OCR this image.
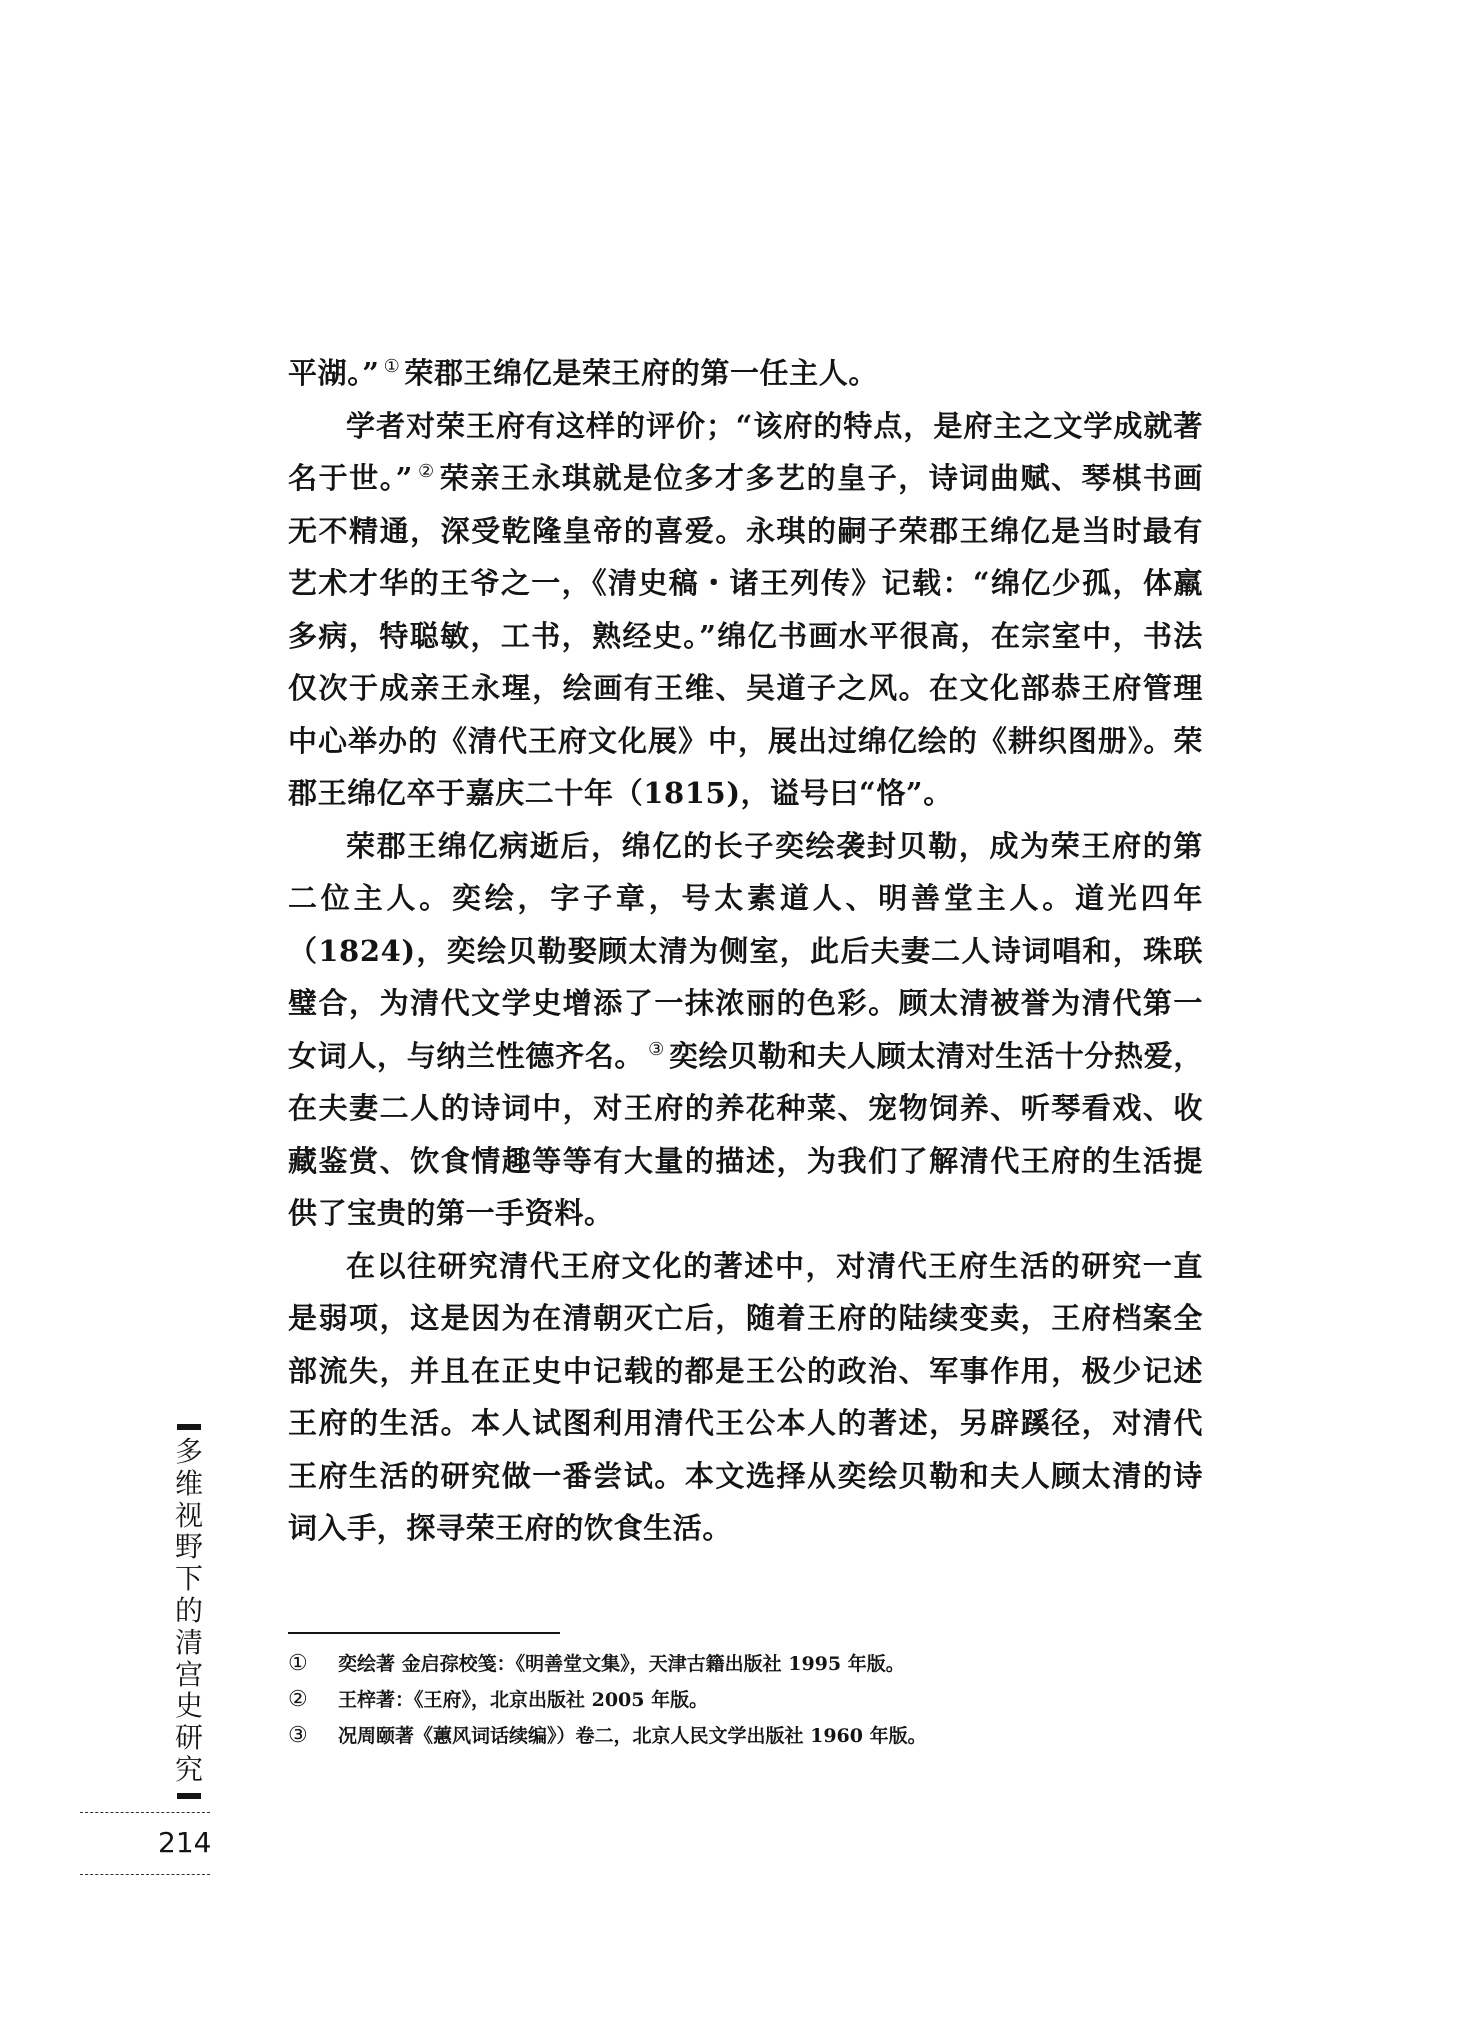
平湖。” ① 荣郡王绵亿是荣王府的第一任主人。

学者对荣王府有这样的评价；“该府的特点，是府主之文学成就著名于世。” ② 荣亲王永琪就是位多才多艺的皇子，诗词曲赋、琴棋书画无不精通，深受乾隆皇帝的喜爱。永琪的嗣子荣郡王绵亿是当时最有艺术才华的王爷之一，《清史稿・诸王列传》记载：“绵亿少孤，体羸多病，特聪敏，工书，熟经史。”绵亿书画水平很高，在宗室中，书法仅次于成亲王永瑆，绘画有王维、吴道子之风。在文化部恭王府管理中心举办的《清代王府文化展》中，展出过绵亿绘的《耕织图册》。荣郡王绵亿卒于嘉庆二十年（1815)，谥号曰“恪”。

荣郡王绵亿病逝后，绵亿的长子奕绘袭封贝勒，成为荣王府的第二位主人。奕绘，字子章，号太素道人、明善堂主人。道光四年（1824)，奕绘贝勒娶顾太清为侧室，此后夫妻二人诗词唱和，珠联璧合，为清代文学史增添了一抹浓丽的色彩。顾太清被誉为清代第一女词人，与纳兰性德齐名。 ③ 奕绘贝勒和夫人顾太清对生活十分热爱，在夫妻二人的诗词中，对王府的养花种菜、宠物饲养、听琴看戏、收藏鉴赏、饮食情趣等等有大量的描述，为我们了解清代王府的生活提供了宝贵的第一手资料。

在以往研究清代王府文化的著述中，对清代王府生活的研究一直是弱项，这是因为在清朝灭亡后，随着王府的陆续变卖，王府档案全部流失，并且在正史中记载的都是王公的政治、军事作用，极少记述王府的生活。本人试图利用清代王公本人的著述，另辟蹊径，对清代王府生活的研究做一番尝试。本文选择从奕绘贝勒和夫人顾太清的诗词入手，探寻荣王府的饮食生活。

①	奕绘著 金启孮校笺：《明善堂文集》，天津古籍出版社 1995 年版。
②	王梓著：《王府》，北京出版社 2005 年版。
③	况周颐著《蕙风词话续编》）卷二，北京人民文学出版社 1960 年版。
多
维
视
野
下
的
清
宫
史
研
究
214
